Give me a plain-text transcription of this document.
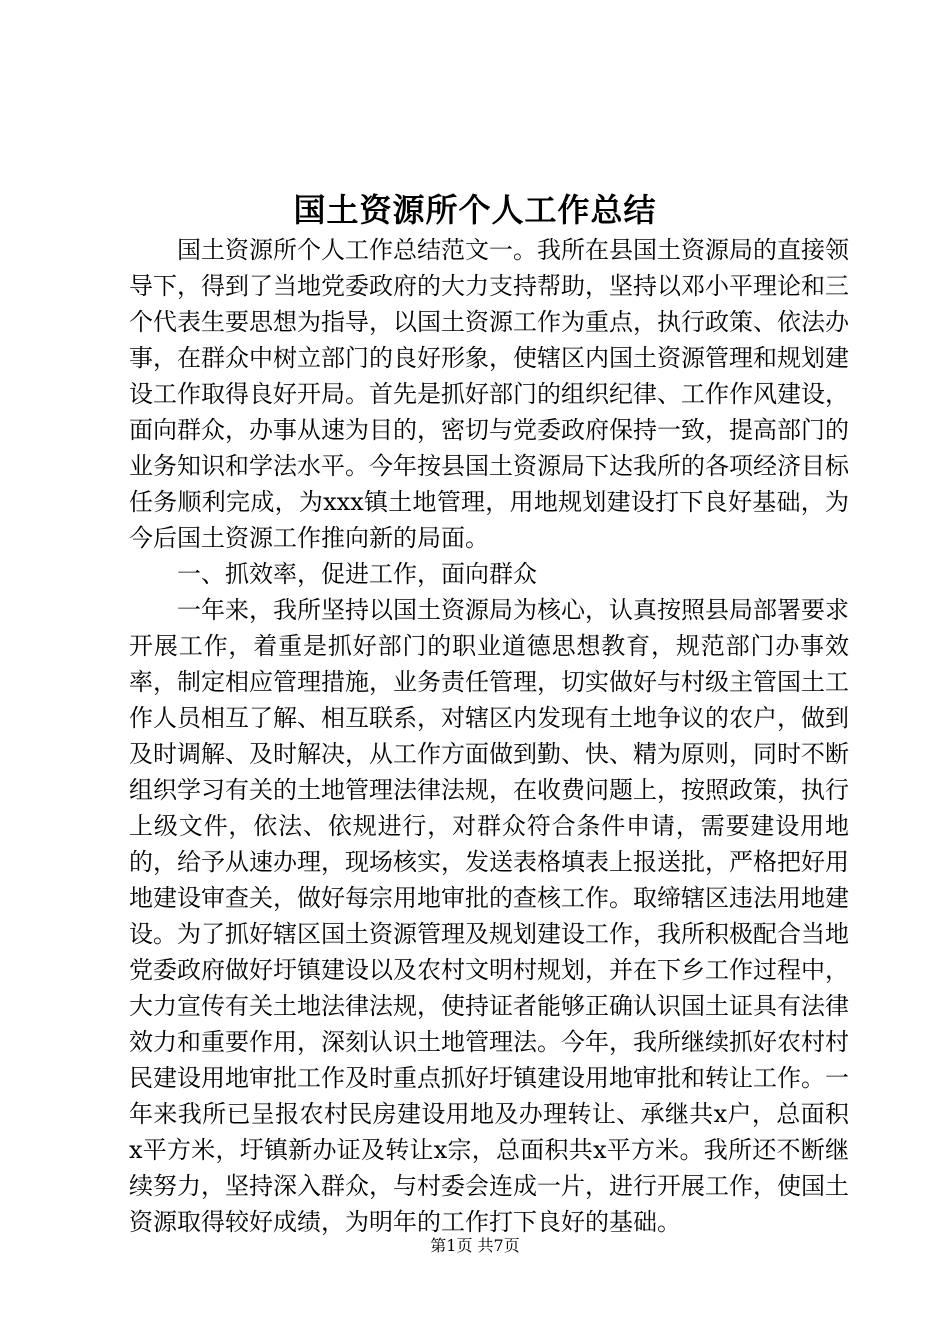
国土资源所个人工作总结

国土资源所个人工作总结范文一。我所在县国土资源局的直接领导下，得到了当地党委政府的大力支持帮助，坚持以邓小平理论和三个代表生要思想为指导，以国土资源工作为重点，执行政策、依法办事，在群众中树立部门的良好形象，使辖区内国土资源管理和规划建设工作取得良好开局。首先是抓好部门的组织纪律、工作作风建设，面向群众，办事从速为目的，密切与党委政府保持一致，提高部门的业务知识和学法水平。今年按县国土资源局下达我所的各项经济目标任务顺利完成，为xxx镇土地管理，用地规划建设打下良好基础，为今后国土资源工作推向新的局面。

一、抓效率，促进工作，面向群众

一年来，我所坚持以国土资源局为核心，认真按照县局部署要求开展工作，着重是抓好部门的职业道德思想教育，规范部门办事效率，制定相应管理措施，业务责任管理，切实做好与村级主管国土工作人员相互了解、相互联系，对辖区内发现有土地争议的农户，做到及时调解、及时解决，从工作方面做到勤、快、精为原则，同时不断组织学习有关的土地管理法律法规，在收费问题上，按照政策，执行上级文件，依法、依规进行，对群众符合条件申请，需要建设用地的，给予从速办理，现场核实，发送表格填表上报送批，严格把好用地建设审查关，做好每宗用地审批的查核工作。取缔辖区违法用地建设。为了抓好辖区国土资源管理及规划建设工作，我所积极配合当地党委政府做好圩镇建设以及农村文明村规划，并在下乡工作过程中，大力宣传有关土地法律法规，使持证者能够正确认识国土证具有法律效力和重要作用，深刻认识土地管理法。今年，我所继续抓好农村村民建设用地审批工作及时重点抓好圩镇建设用地审批和转让工作。一年来我所已呈报农村民房建设用地及办理转让、承继共x户，总面积x平方米，圩镇新办证及转让x宗，总面积共x平方米。我所还不断继续努力，坚持深入群众，与村委会连成一片，进行开展工作，使国土资源取得较好成绩，为明年的工作打下良好的基础。

第1页 共7页
